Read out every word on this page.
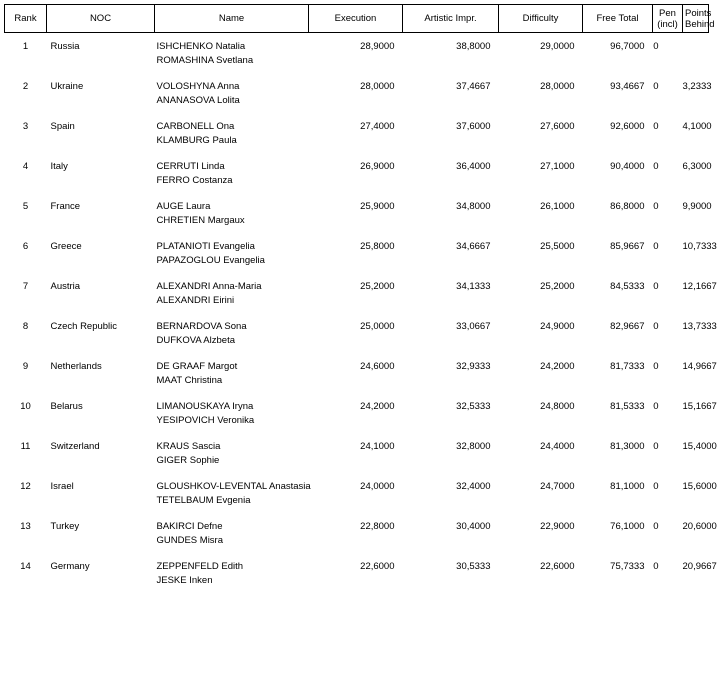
Rank	NOC	Name	Execution	Artistic Impr.	Difficulty	Free Total	Pen
(incl)	Points
Behind

1	Russia	ISHCHENKO Natalia
ROMASHINA Svetlana	28,9000	38,8000	29,0000	96,7000	0	
2	Ukraine	VOLOSHYNA Anna
ANANASOVA Lolita	28,0000	37,4667	28,0000	93,4667	0	3,2333
3	Spain	CARBONELL Ona
KLAMBURG Paula	27,4000	37,6000	27,6000	92,6000	0	4,1000
4	Italy	CERRUTI Linda
FERRO Costanza	26,9000	36,4000	27,1000	90,4000	0	6,3000
5	France	AUGE Laura
CHRETIEN Margaux	25,9000	34,8000	26,1000	86,8000	0	9,9000
6	Greece	PLATANIOTI Evangelia
PAPAZOGLOU Evangelia	25,8000	34,6667	25,5000	85,9667	0	10,7333
7	Austria	ALEXANDRI Anna-Maria
ALEXANDRI Eirini	25,2000	34,1333	25,2000	84,5333	0	12,1667
8	Czech Republic	BERNARDOVA Sona
DUFKOVA Alzbeta	25,0000	33,0667	24,9000	82,9667	0	13,7333
9	Netherlands	DE GRAAF Margot
MAAT Christina	24,6000	32,9333	24,2000	81,7333	0	14,9667
10	Belarus	LIMANOUSKAYA Iryna
YESIPOVICH Veronika	24,2000	32,5333	24,8000	81,5333	0	15,1667
11	Switzerland	KRAUS Sascia
GIGER Sophie	24,1000	32,8000	24,4000	81,3000	0	15,4000
12	Israel	GLOUSHKOV-LEVENTAL Anastasia
TETELBAUM Evgenia	24,0000	32,4000	24,7000	81,1000	0	15,6000
13	Turkey	BAKIRCI Defne
GUNDES Misra	22,8000	30,4000	22,9000	76,1000	0	20,6000
14	Germany	ZEPPENFELD Edith
JESKE Inken	22,6000	30,5333	22,6000	75,7333	0	20,9667
